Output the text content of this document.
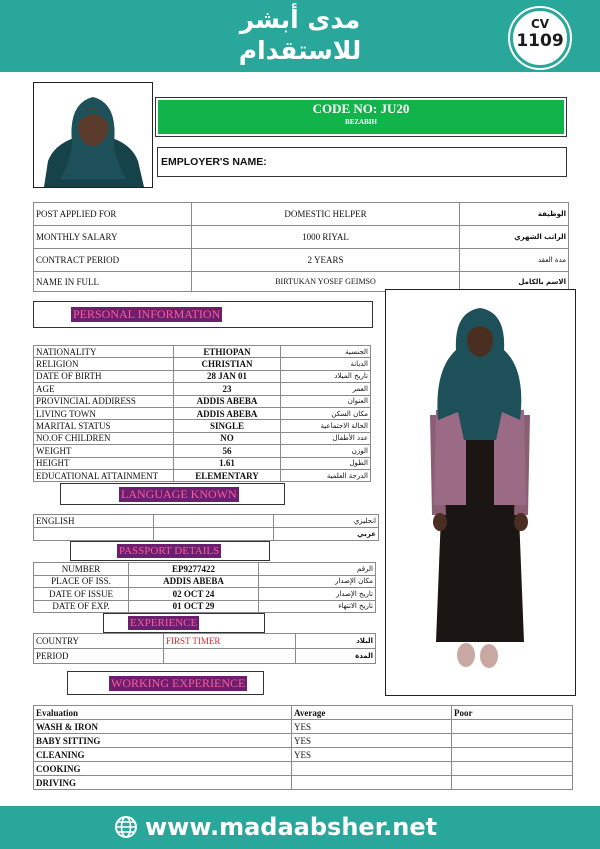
مدى أبشر
للاستقدام
CV
1109
CODE NO: JU20
BEZABIH
EMPLOYER'S NAME:
POST APPLIED FOR	DOMESTIC HELPER	الوظيفة
MONTHLY SALARY	1000 RIYAL	الراتب الشهري
CONTRACT PERIOD	2 YEARS	مدة العقد
NAME IN FULL	BIRTUKAN YOSEF GEIMSO	الاسم بالكامل
PERSONAL INFORMATION
NATIONALITY	ETHIOPAN	الجنسية
RELIGION	CHRISTIAN	الديانة
DATE OF BIRTH	28 JAN 01	تاريخ الميلاد
AGE	23	العمر
PROVINCIAL ADDIRESS	ADDIS ABEBA	العنوان
LIVING TOWN	ADDIS ABEBA	مكان السكن
MARITAL STATUS	SINGLE	الحالة الاجتماعية
NO.OF CHILDREN	NO	عدد الأطفال
WEIGHT	56	الوزن
HEIGHT	1.61	الطول
EDUCATIONAL ATTAINMENT	ELEMENTARY	الدرجة العلمية
LANGUAGE KNOWN
ENGLISH		انجليزي
		عربي
PASSPORT DETAILS
NUMBER	EP9277422	الرقم
PLACE OF ISS.	ADDIS ABEBA	مكان الإصدار
DATE OF ISSUE	02 OCT 24	تاريخ الإصدار
DATE OF EXP.	01 OCT 29	تاريخ الانتهاء
EXPERIENCE
COUNTRY	FIRST TIMER	البلاد
PERIOD		المدة
WORKING EXPERIENCE
Evaluation	Average	Poor
WASH & IRON	YES	
BABY SITTING	YES	
CLEANING	YES	
COOKING		
DRIVING		
www.madaabsher.net
